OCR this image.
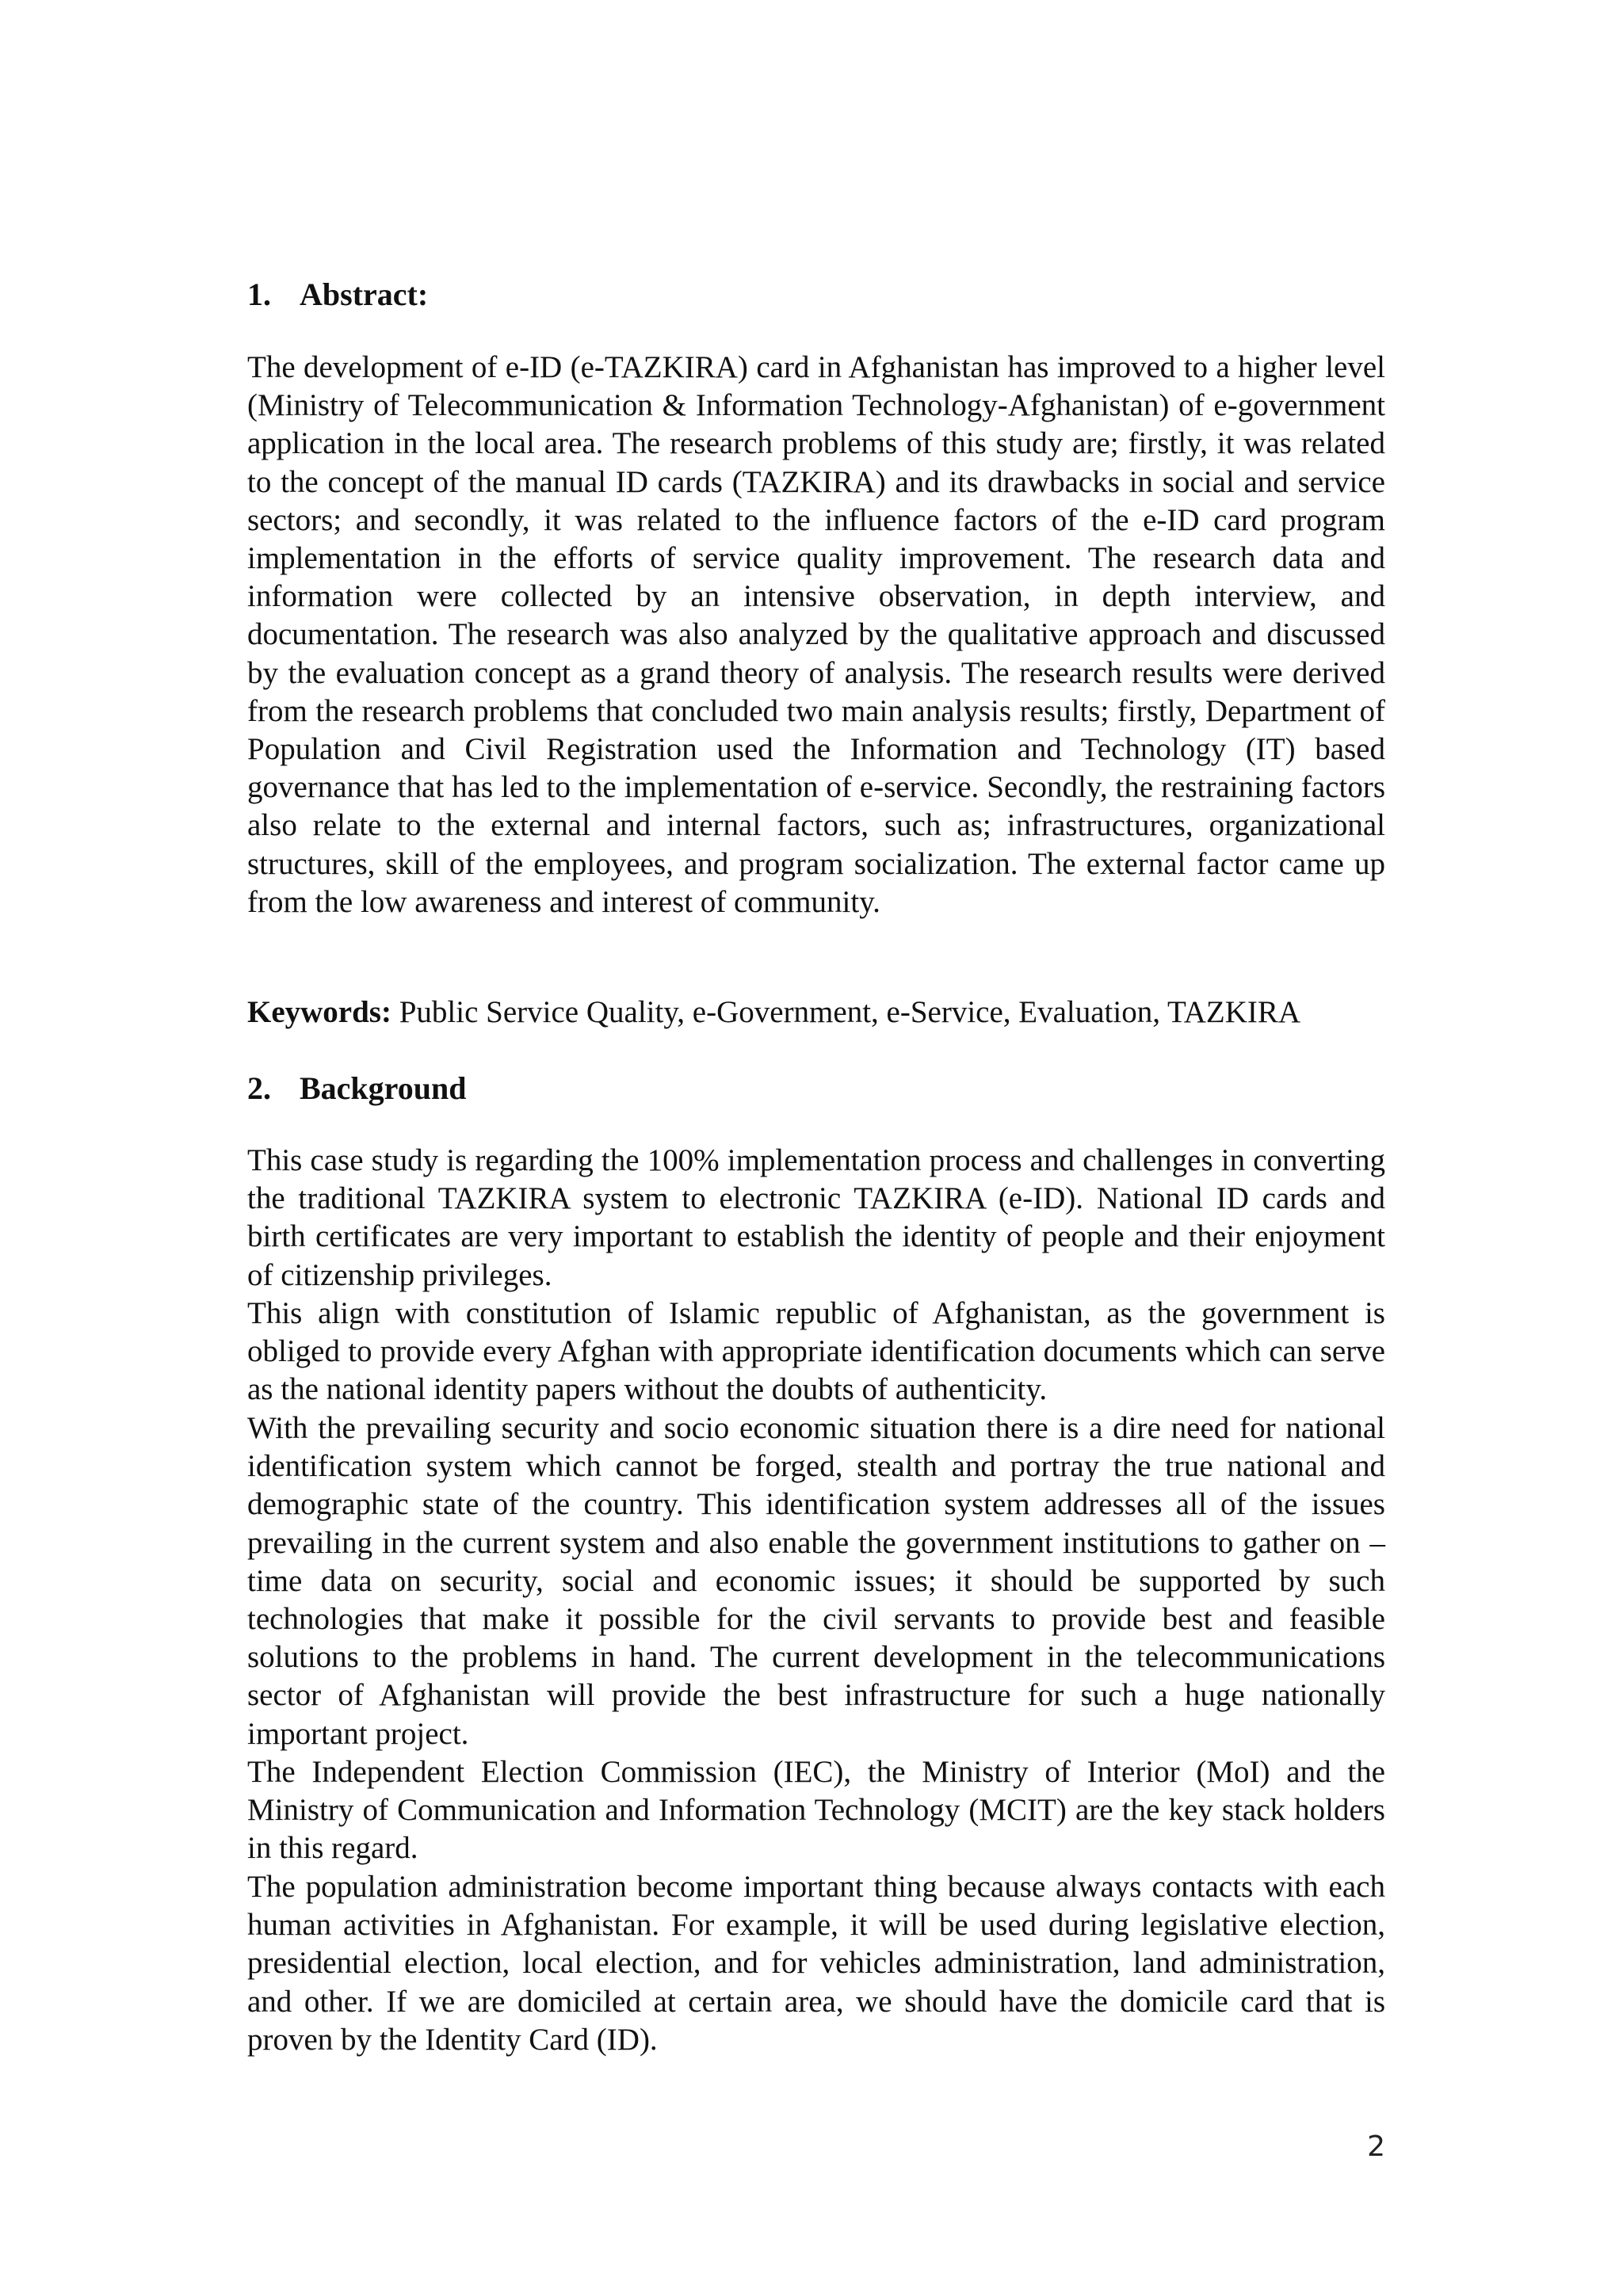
1. Abstract:

The development of e-ID (e-TAZKIRA) card in Afghanistan has improved to a higher level (Ministry of Telecommunication & Information Technology-Afghanistan) of e-government application in the local area. The research problems of this study are; firstly, it was related to the concept of the manual ID cards (TAZKIRA) and its drawbacks in social and service sectors; and secondly, it was related to the influence factors of the e-ID card program implementation in the efforts of service quality improvement. The research data and information were collected by an intensive observation, in depth interview, and documentation. The research was also analyzed by the qualitative approach and discussed by the evaluation concept as a grand theory of analysis. The research results were derived from the research problems that concluded two main analysis results; firstly, Department of Population and Civil Registration used the Information and Technology (IT) based governance that has led to the implementation of e-service. Secondly, the restraining factors also relate to the external and internal factors, such as; infrastructures, organizational structures, skill of the employees, and program socialization. The external factor came up from the low awareness and interest of community.

Keywords: Public Service Quality, e-Government, e-Service, Evaluation, TAZKIRA

2. Background

This case study is regarding the 100% implementation process and challenges in converting the traditional TAZKIRA system to electronic TAZKIRA (e-ID). National ID cards and birth certificates are very important to establish the identity of people and their enjoyment of citizenship privileges.

This align with constitution of Islamic republic of Afghanistan, as the government is obliged to provide every Afghan with appropriate identification documents which can serve as the national identity papers without the doubts of authenticity.

With the prevailing security and socio economic situation there is a dire need for national identification system which cannot be forged, stealth and portray the true national and demographic state of the country. This identification system addresses all of the issues prevailing in the current system and also enable the government institutions to gather on – time data on security, social and economic issues; it should be supported by such technologies that make it possible for the civil servants to provide best and feasible solutions to the problems in hand. The current development in the telecommunications sector of Afghanistan will provide the best infrastructure for such a huge nationally important project.

The Independent Election Commission (IEC), the Ministry of Interior (MoI) and the Ministry of Communication and Information Technology (MCIT) are the key stack holders in this regard.

The population administration become important thing because always contacts with each human activities in Afghanistan. For example, it will be used during legislative election, presidential election, local election, and for vehicles administration, land administration, and other. If we are domiciled at certain area, we should have the domicile card that is proven by the Identity Card (ID).

2
